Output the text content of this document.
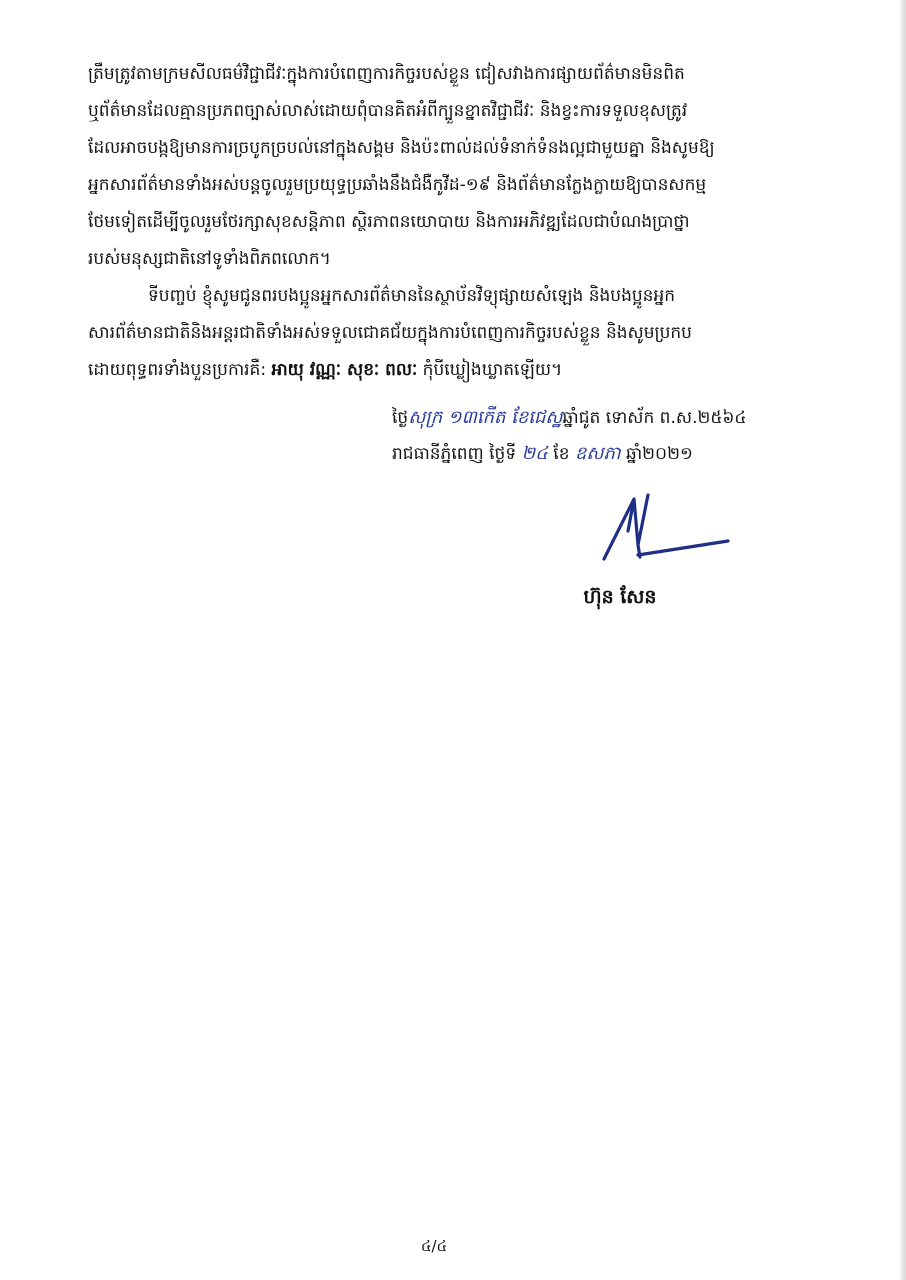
ត្រឹមត្រូវតាមក្រមសីលធម៌វិជ្ជាជីវៈក្នុងការបំពេញការកិច្ចរបស់ខ្លួន ជៀសវាងការផ្សាយព័ត៌មានមិនពិត
ឬព័ត៌មានដែលគ្មានប្រភពច្បាស់លាស់ដោយពុំបានគិតអំពីក្បួនខ្នាតវិជ្ជាជីវៈ និងខ្វះការទទួលខុសត្រូវ
ដែលអាចបង្កឱ្យមានការច្របូកច្របល់នៅក្នុងសង្គម និងប៉ះពាល់ដល់ទំនាក់ទំនងល្អជាមួយគ្នា និងសូមឱ្យ
អ្នកសារព័ត៌មានទាំងអស់បន្តចូលរួមប្រយុទ្ធប្រឆាំងនឹងជំងឺកូវីដ-១៩ និងព័ត៌មានក្លែងក្លាយឱ្យបានសកម្ម
ថែមទៀតដើម្បីចូលរួមថែរក្សាសុខសន្តិភាព ស្ថិរភាពនយោបាយ និងការអភិវឌ្ឍដែលជាបំណងប្រាថ្នា
របស់មនុស្សជាតិនៅទូទាំងពិភពលោក។
ទីបញ្ចប់ ខ្ញុំសូមជូនពរបងប្អូនអ្នកសារព័ត៌មាននៃស្ថាប័នវិទ្យុផ្សាយសំឡេង និងបងប្អូនអ្នក
សារព័ត៌មានជាតិនិងអន្តរជាតិទាំងអស់ទទួលជោគជ័យក្នុងការបំពេញការកិច្ចរបស់ខ្លួន និងសូមប្រកប
ដោយពុទ្ធពរទាំងបួនប្រការគឺ: អាយុ វណ្ណៈ សុខៈ ពលៈ កុំបីឃ្លៀងឃ្លាតឡើយ។
ថ្ងៃសុក្រ ១៣កើត ខែជេស្ឋឆ្នាំជូត ទោស័ក ព.ស.២៥៦៤
រាជធានីភ្នំពេញ ថ្ងៃទី ២៤ ខែ ឧសភា ឆ្នាំ២០២១
ហ៊ុន សែន
៤/៤
